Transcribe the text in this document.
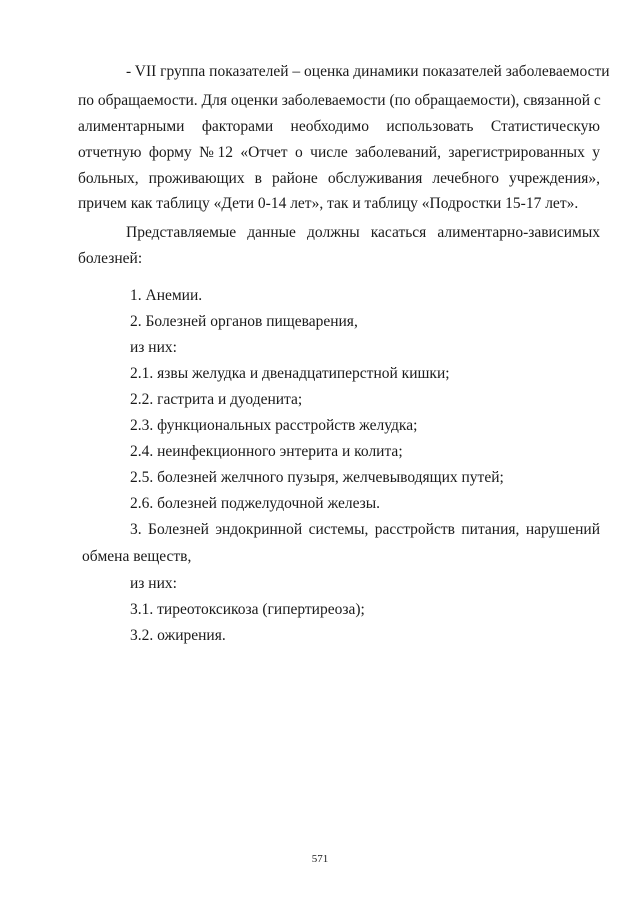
- VII группа показателей – оценка динамики показателей заболеваемости
по обращаемости. Для оценки заболеваемости (по обращаемости), связанной с
алиментарными факторами необходимо использовать Статистическую
отчетную форму №12 «Отчет о числе заболеваний, зарегистрированных у
больных, проживающих в районе обслуживания лечебного учреждения»,
причем как таблицу «Дети 0-14 лет», так и таблицу «Подростки 15-17 лет».
Представляемые данные должны касаться алиментарно-зависимых
болезней:
1. Анемии.
2. Болезней органов пищеварения,
из них:
2.1. язвы желудка и двенадцатиперстной кишки;
2.2. гастрита и дуоденита;
2.3. функциональных расстройств желудка;
2.4. неинфекционного энтерита и колита;
2.5. болезней желчного пузыря, желчевыводящих путей;
2.6. болезней поджелудочной железы.
3. Болезней эндокринной системы, расстройств питания, нарушений
обмена веществ,
из них:
3.1. тиреотоксикоза (гипертиреоза);
3.2. ожирения.
571
